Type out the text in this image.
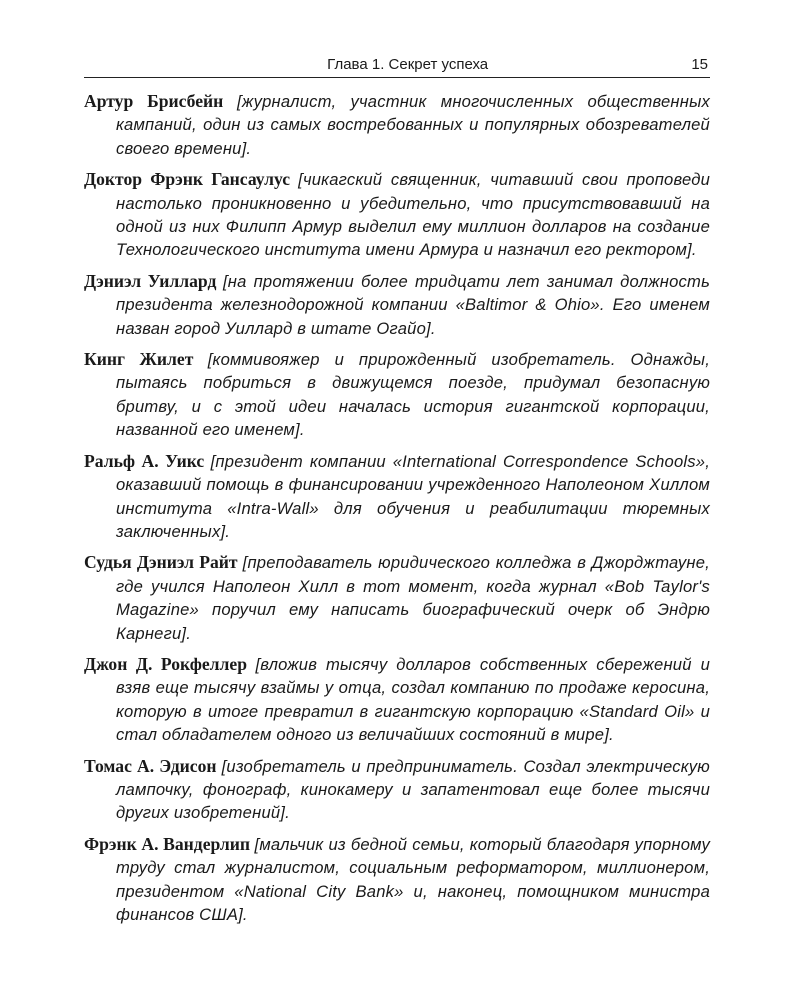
Глава 1. Секрет успеха	15

Артур Брисбейн [журналист, участник многочисленных общественных кампаний, один из самых востребованных и популярных обозревателей своего времени].

Доктор Фрэнк Гансаулус [чикагский священник, читавший свои проповеди настолько проникновенно и убедительно, что присутствовавший на одной из них Филипп Армур выделил ему миллион долларов на создание Технологического института имени Армура и назначил его ректором].

Дэниэл Уиллард [на протяжении более тридцати лет занимал должность президента железнодорожной компании «Baltimor & Ohio». Его именем назван город Уиллард в штате Огайо].

Кинг Жилет [коммивояжер и прирожденный изобретатель. Однажды, пытаясь побриться в движущемся поезде, придумал безопасную бритву, и с этой идеи началась история гигантской корпорации, названной его именем].

Ральф А. Уикс [президент компании «International Correspondence Schools», оказавший помощь в финансировании учрежденного Наполеоном Хиллом института «Intra-Wall» для обучения и реабилитации тюремных заключенных].

Судья Дэниэл Райт [преподаватель юридического колледжа в Джорджтауне, где учился Наполеон Хилл в тот момент, когда журнал «Bob Taylor's Magazine» поручил ему написать биографический очерк об Эндрю Карнеги].

Джон Д. Рокфеллер [вложив тысячу долларов собственных сбережений и взяв еще тысячу взаймы у отца, создал компанию по продаже керосина, которую в итоге превратил в гигантскую корпорацию «Standard Oil» и стал обладателем одного из величайших состояний в мире].

Томас А. Эдисон [изобретатель и предприниматель. Создал электрическую лампочку, фонограф, кинокамеру и запатентовал еще более тысячи других изобретений].

Фрэнк А. Вандерлип [мальчик из бедной семьи, который благодаря упорному труду стал журналистом, социальным реформатором, миллионером, президентом «National City Bank» и, наконец, помощником министра финансов США].
